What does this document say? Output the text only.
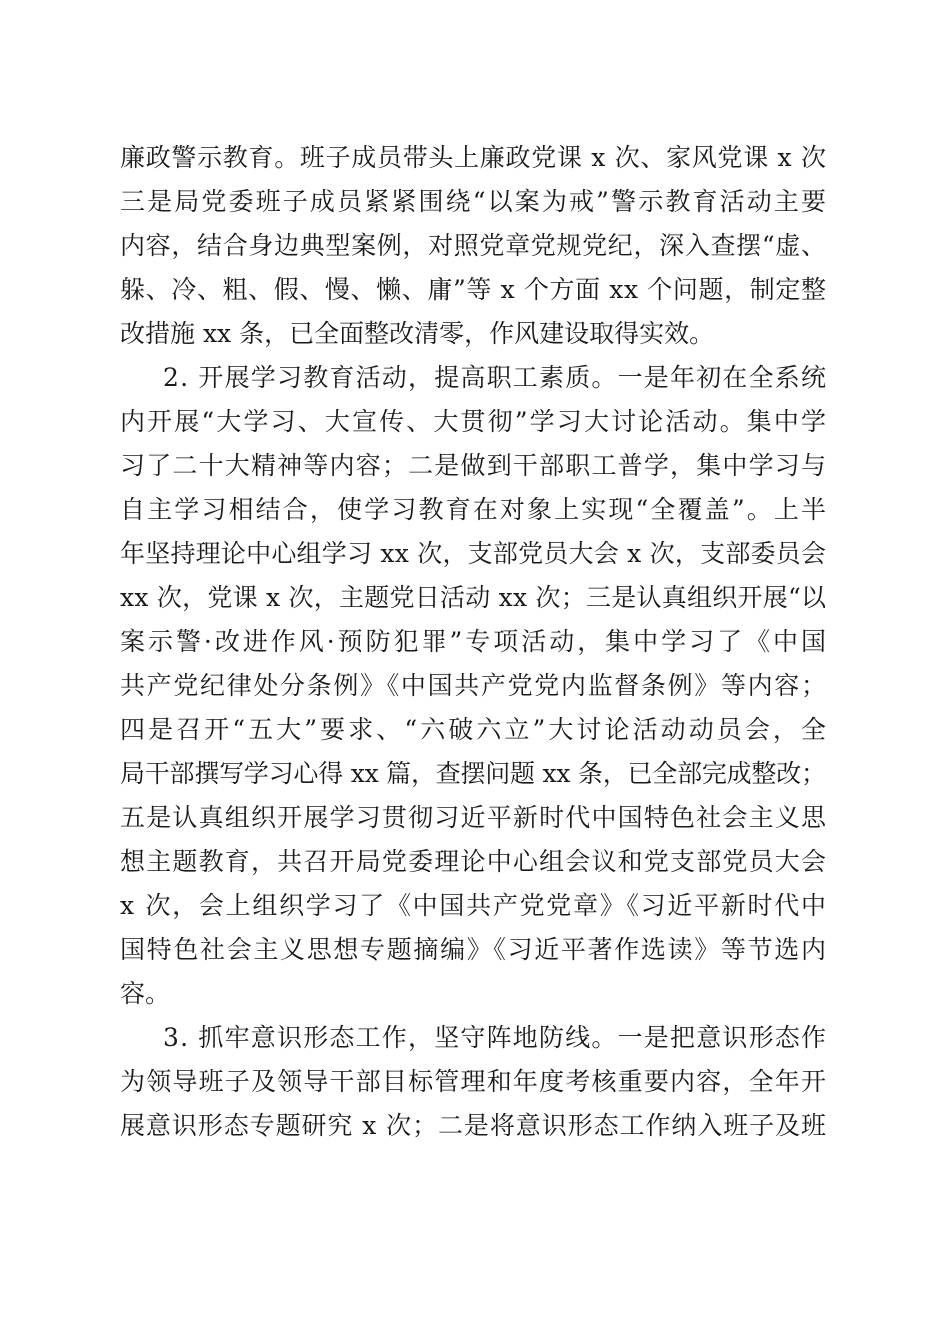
廉政警示教育。班子成员带头上廉政党课 x 次、家风党课 x 次
三是局党委班子成员紧紧围绕“以案为戒”警示教育活动主要
内容，结合身边典型案例，对照党章党规党纪，深入查摆“虚、
躲、冷、粗、假、慢、懒、庸”等 x 个方面 xx 个问题，制定整
改措施 xx 条，已全面整改清零，作风建设取得实效。
2. 开展学习教育活动，提高职工素质。一是年初在全系统
内开展“大学习、大宣传、大贯彻”学习大讨论活动。集中学
习了二十大精神等内容；二是做到干部职工普学，集中学习与
自主学习相结合，使学习教育在对象上实现“全覆盖”。上半
年坚持理论中心组学习 xx 次，支部党员大会 x 次，支部委员会
xx 次，党课 x 次，主题党日活动 xx 次；三是认真组织开展“以
案示警·改进作风·预防犯罪”专项活动，集中学习了《中国
共产党纪律处分条例》《中国共产党党内监督条例》等内容；
四是召开“五大”要求、“六破六立”大讨论活动动员会，全
局干部撰写学习心得 xx 篇，查摆问题 xx 条，已全部完成整改；
五是认真组织开展学习贯彻习近平新时代中国特色社会主义思
想主题教育，共召开局党委理论中心组会议和党支部党员大会
x 次，会上组织学习了《中国共产党党章》《习近平新时代中
国特色社会主义思想专题摘编》《习近平著作选读》等节选内
容。
3. 抓牢意识形态工作，坚守阵地防线。一是把意识形态作
为领导班子及领导干部目标管理和年度考核重要内容，全年开
展意识形态专题研究 x 次；二是将意识形态工作纳入班子及班
